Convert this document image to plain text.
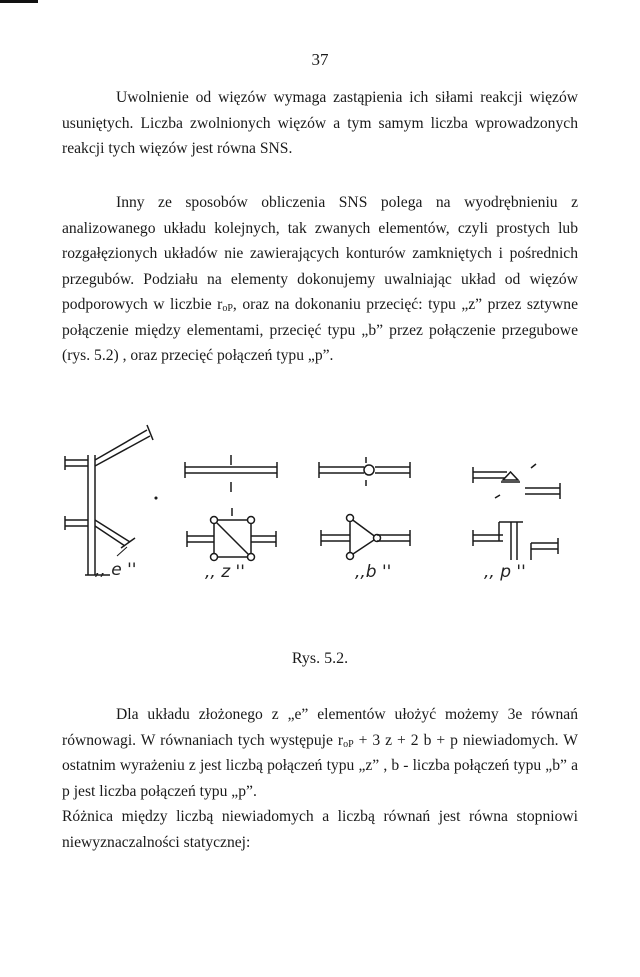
37

Uwolnienie od więzów wymaga zastąpienia ich siłami reakcji więzów usuniętych. Liczba zwolnionych więzów a tym samym liczba wprowadzonych reakcji tych więzów jest równa SNS.

Inny ze sposobów obliczenia SNS polega na wyodrębnieniu z analizowanego układu kolejnych, tak zwanych elementów, czyli prostych lub rozgałęzionych układów nie zawierających konturów zamkniętych i pośrednich przegubów. Podziału na elementy dokonujemy uwalniając układ od więzów podporowych w liczbie $r_{oP}$, oraz na dokonaniu przecięć: typu „z” przez sztywne połączenie między elementami, przecięć typu „b” przez połączenie przegubowe (rys. 5.2) , oraz przecięć połączeń typu „p”.

,, e ''	,, z ''	,,b ''	,, p ''
Rys. 5.2.

Dla układu złożonego z „e” elementów ułożyć możemy 3e równań równowagi. W równaniach tych występuje $r_{oP} + 3$ z + 2 b + p niewiadomych. W ostatnim wyrażeniu z jest liczbą połączeń typu „z” , b - liczba połączeń typu „b” a p jest liczba połączeń typu „p”.

Różnica między liczbą niewiadomych a liczbą równań jest równa stopniowi niewyznaczalności statycznej:
